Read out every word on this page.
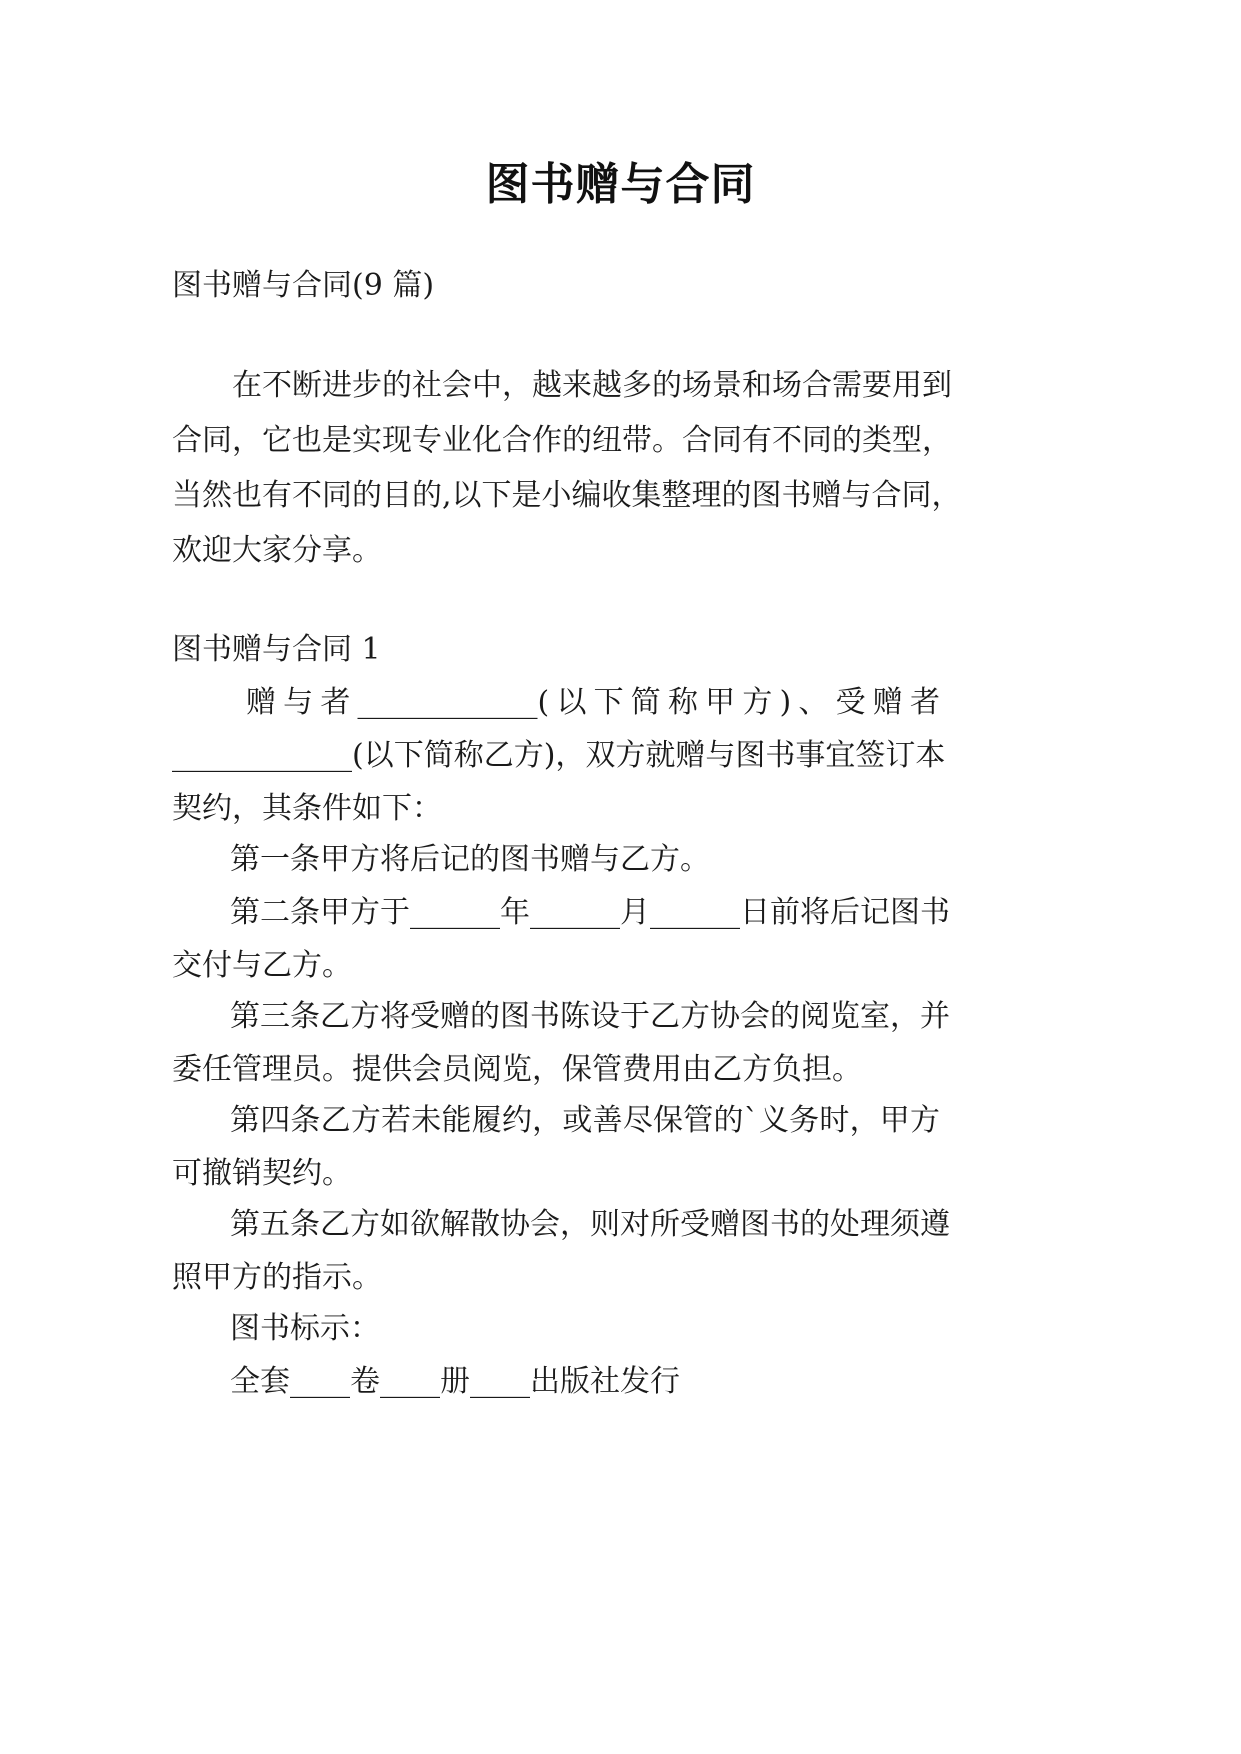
图书赠与合同
图书赠与合同(9 篇)
在不断进步的社会中，越来越多的场景和场合需要用到
合同，它也是实现专业化合作的纽带。合同有不同的类型，
当然也有不同的目的,以下是小编收集整理的图书赠与合同，
欢迎大家分享。
图书赠与合同 1
赠与者____________(以下简称甲方)、受赠者
____________(以下简称乙方)，双方就赠与图书事宜签订本
契约，其条件如下：
第一条甲方将后记的图书赠与乙方。
第二条甲方于______年______月______日前将后记图书
交付与乙方。
第三条乙方将受赠的图书陈设于乙方协会的阅览室，并
委任管理员。提供会员阅览，保管费用由乙方负担。
第四条乙方若未能履约，或善尽保管的`义务时，甲方
可撤销契约。
第五条乙方如欲解散协会，则对所受赠图书的处理须遵
照甲方的指示。
图书标示：
全套____卷____册____出版社发行
